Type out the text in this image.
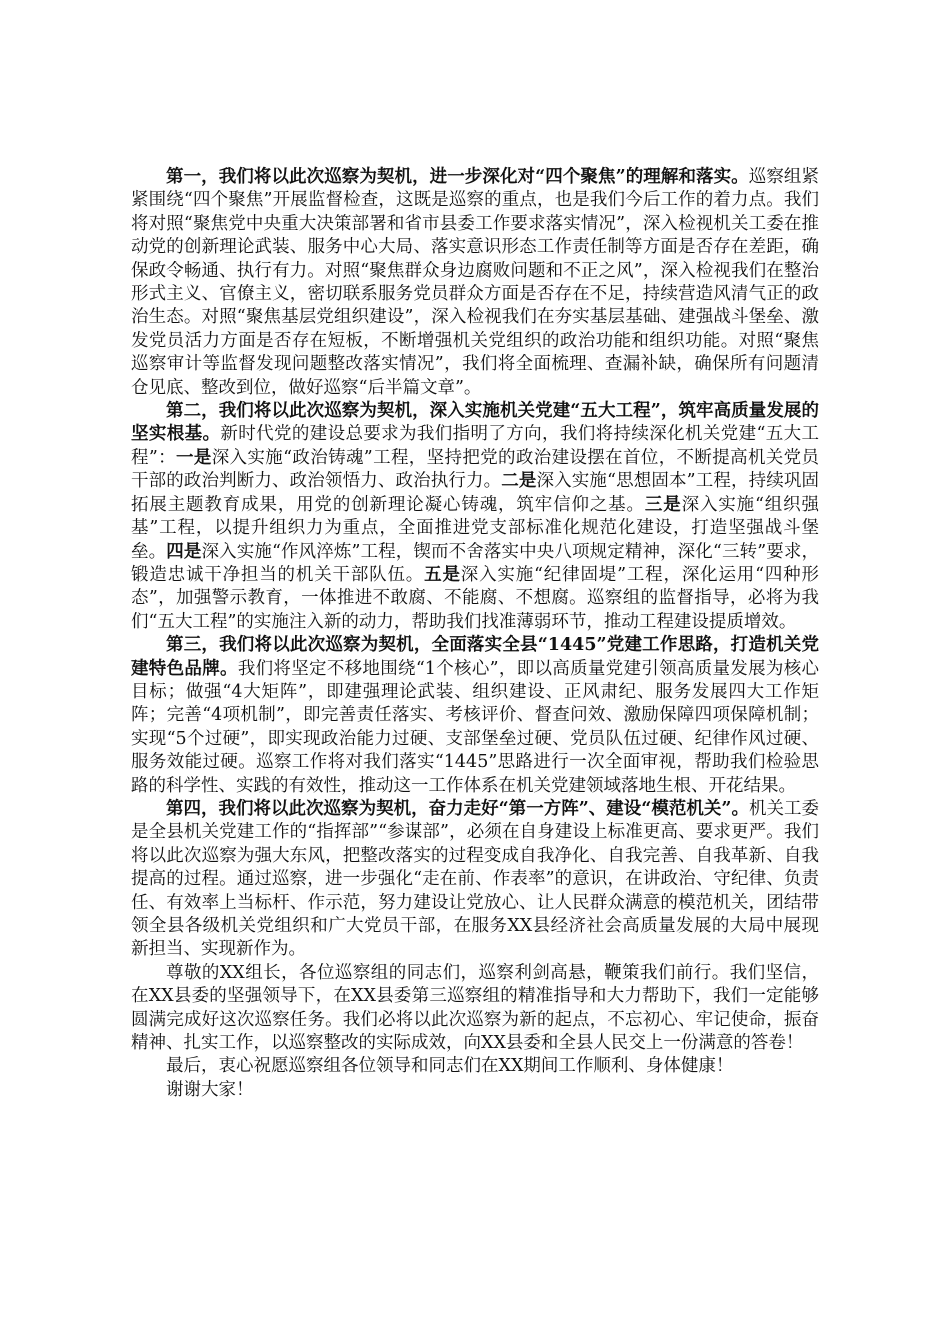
第一，我们将以此次巡察为契机，进一步深化对“四个聚焦”的理解和落实。巡察组紧紧围绕“四个聚焦”开展监督检查，这既是巡察的重点，也是我们今后工作的着力点。我们将对照“聚焦党中央重大决策部署和省市县委工作要求落实情况”，深入检视机关工委在推动党的创新理论武装、服务中心大局、落实意识形态工作责任制等方面是否存在差距，确保政令畅通、执行有力。对照“聚焦群众身边腐败问题和不正之风”，深入检视我们在整治形式主义、官僚主义，密切联系服务党员群众方面是否存在不足，持续营造风清气正的政治生态。对照“聚焦基层党组织建设”，深入检视我们在夯实基层基础、建强战斗堡垒、激发党员活力方面是否存在短板，不断增强机关党组织的政治功能和组织功能。对照“聚焦巡察审计等监督发现问题整改落实情况”，我们将全面梳理、查漏补缺，确保所有问题清仓见底、整改到位，做好巡察“后半篇文章”。

第二，我们将以此次巡察为契机，深入实施机关党建“五大工程”，筑牢高质量发展的坚实根基。新时代党的建设总要求为我们指明了方向，我们将持续深化机关党建“五大工程”：一是深入实施“政治铸魂”工程，坚持把党的政治建设摆在首位，不断提高机关党员干部的政治判断力、政治领悟力、政治执行力。二是深入实施“思想固本”工程，持续巩固拓展主题教育成果，用党的创新理论凝心铸魂，筑牢信仰之基。三是深入实施“组织强基”工程，以提升组织力为重点，全面推进党支部标准化规范化建设，打造坚强战斗堡垒。四是深入实施“作风淬炼”工程，锲而不舍落实中央八项规定精神，深化“三转”要求，锻造忠诚干净担当的机关干部队伍。五是深入实施“纪律固堤”工程，深化运用“四种形态”，加强警示教育，一体推进不敢腐、不能腐、不想腐。巡察组的监督指导，必将为我们“五大工程”的实施注入新的动力，帮助我们找准薄弱环节，推动工程建设提质增效。

第三，我们将以此次巡察为契机，全面落实全县“1445”党建工作思路，打造机关党建特色品牌。我们将坚定不移地围绕“1个核心”，即以高质量党建引领高质量发展为核心目标；做强“4大矩阵”，即建强理论武装、组织建设、正风肃纪、服务发展四大工作矩阵；完善“4项机制”，即完善责任落实、考核评价、督查问效、激励保障四项保障机制；实现“5个过硬”，即实现政治能力过硬、支部堡垒过硬、党员队伍过硬、纪律作风过硬、服务效能过硬。巡察工作将对我们落实“1445”思路进行一次全面审视，帮助我们检验思路的科学性、实践的有效性，推动这一工作体系在机关党建领域落地生根、开花结果。

第四，我们将以此次巡察为契机，奋力走好“第一方阵”、建设“模范机关”。机关工委是全县机关党建工作的“指挥部”“参谋部”，必须在自身建设上标准更高、要求更严。我们将以此次巡察为强大东风，把整改落实的过程变成自我净化、自我完善、自我革新、自我提高的过程。通过巡察，进一步强化“走在前、作表率”的意识，在讲政治、守纪律、负责任、有效率上当标杆、作示范，努力建设让党放心、让人民群众满意的模范机关，团结带领全县各级机关党组织和广大党员干部，在服务XX县经济社会高质量发展的大局中展现新担当、实现新作为。

尊敬的XX组长，各位巡察组的同志们，巡察利剑高悬，鞭策我们前行。我们坚信，在XX县委的坚强领导下，在XX县委第三巡察组的精准指导和大力帮助下，我们一定能够圆满完成好这次巡察任务。我们必将以此次巡察为新的起点，不忘初心、牢记使命，振奋精神、扎实工作，以巡察整改的实际成效，向XX县委和全县人民交上一份满意的答卷！

最后，衷心祝愿巡察组各位领导和同志们在XX期间工作顺利、身体健康！

谢谢大家！
